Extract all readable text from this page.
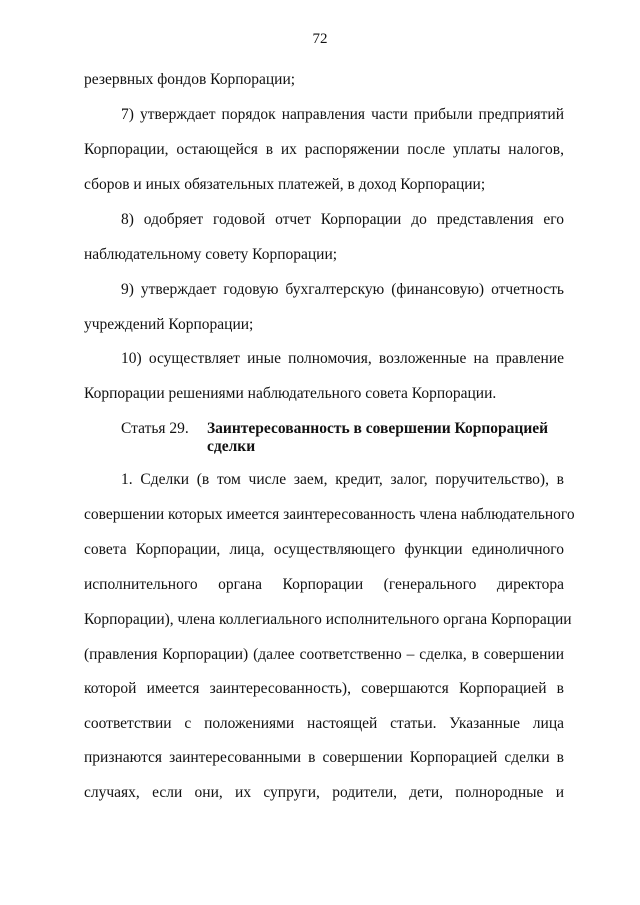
72
резервных фондов Корпорации;
7) утверждает порядок направления части прибыли предприятий
Корпорации, остающейся в их распоряжении после уплаты налогов,
сборов и иных обязательных платежей, в доход Корпорации;
8) одобряет годовой отчет Корпорации до представления его
наблюдательному совету Корпорации;
9) утверждает годовую бухгалтерскую (финансовую) отчетность
учреждений Корпорации;
10) осуществляет иные полномочия, возложенные на правление
Корпорации решениями наблюдательного совета Корпорации.
Статья 29. Заинтересованность в совершении Корпорацией
сделки
1. Сделки (в том числе заем, кредит, залог, поручительство), в
совершении которых имеется заинтересованность члена наблюдательного
совета Корпорации, лица, осуществляющего функции единоличного
исполнительного органа Корпорации (генерального директора
Корпорации), члена коллегиального исполнительного органа Корпорации
(правления Корпорации) (далее соответственно – сделка, в совершении
которой имеется заинтересованность), совершаются Корпорацией в
соответствии с положениями настоящей статьи. Указанные лица
признаются заинтересованными в совершении Корпорацией сделки в
случаях, если они, их супруги, родители, дети, полнородные и
